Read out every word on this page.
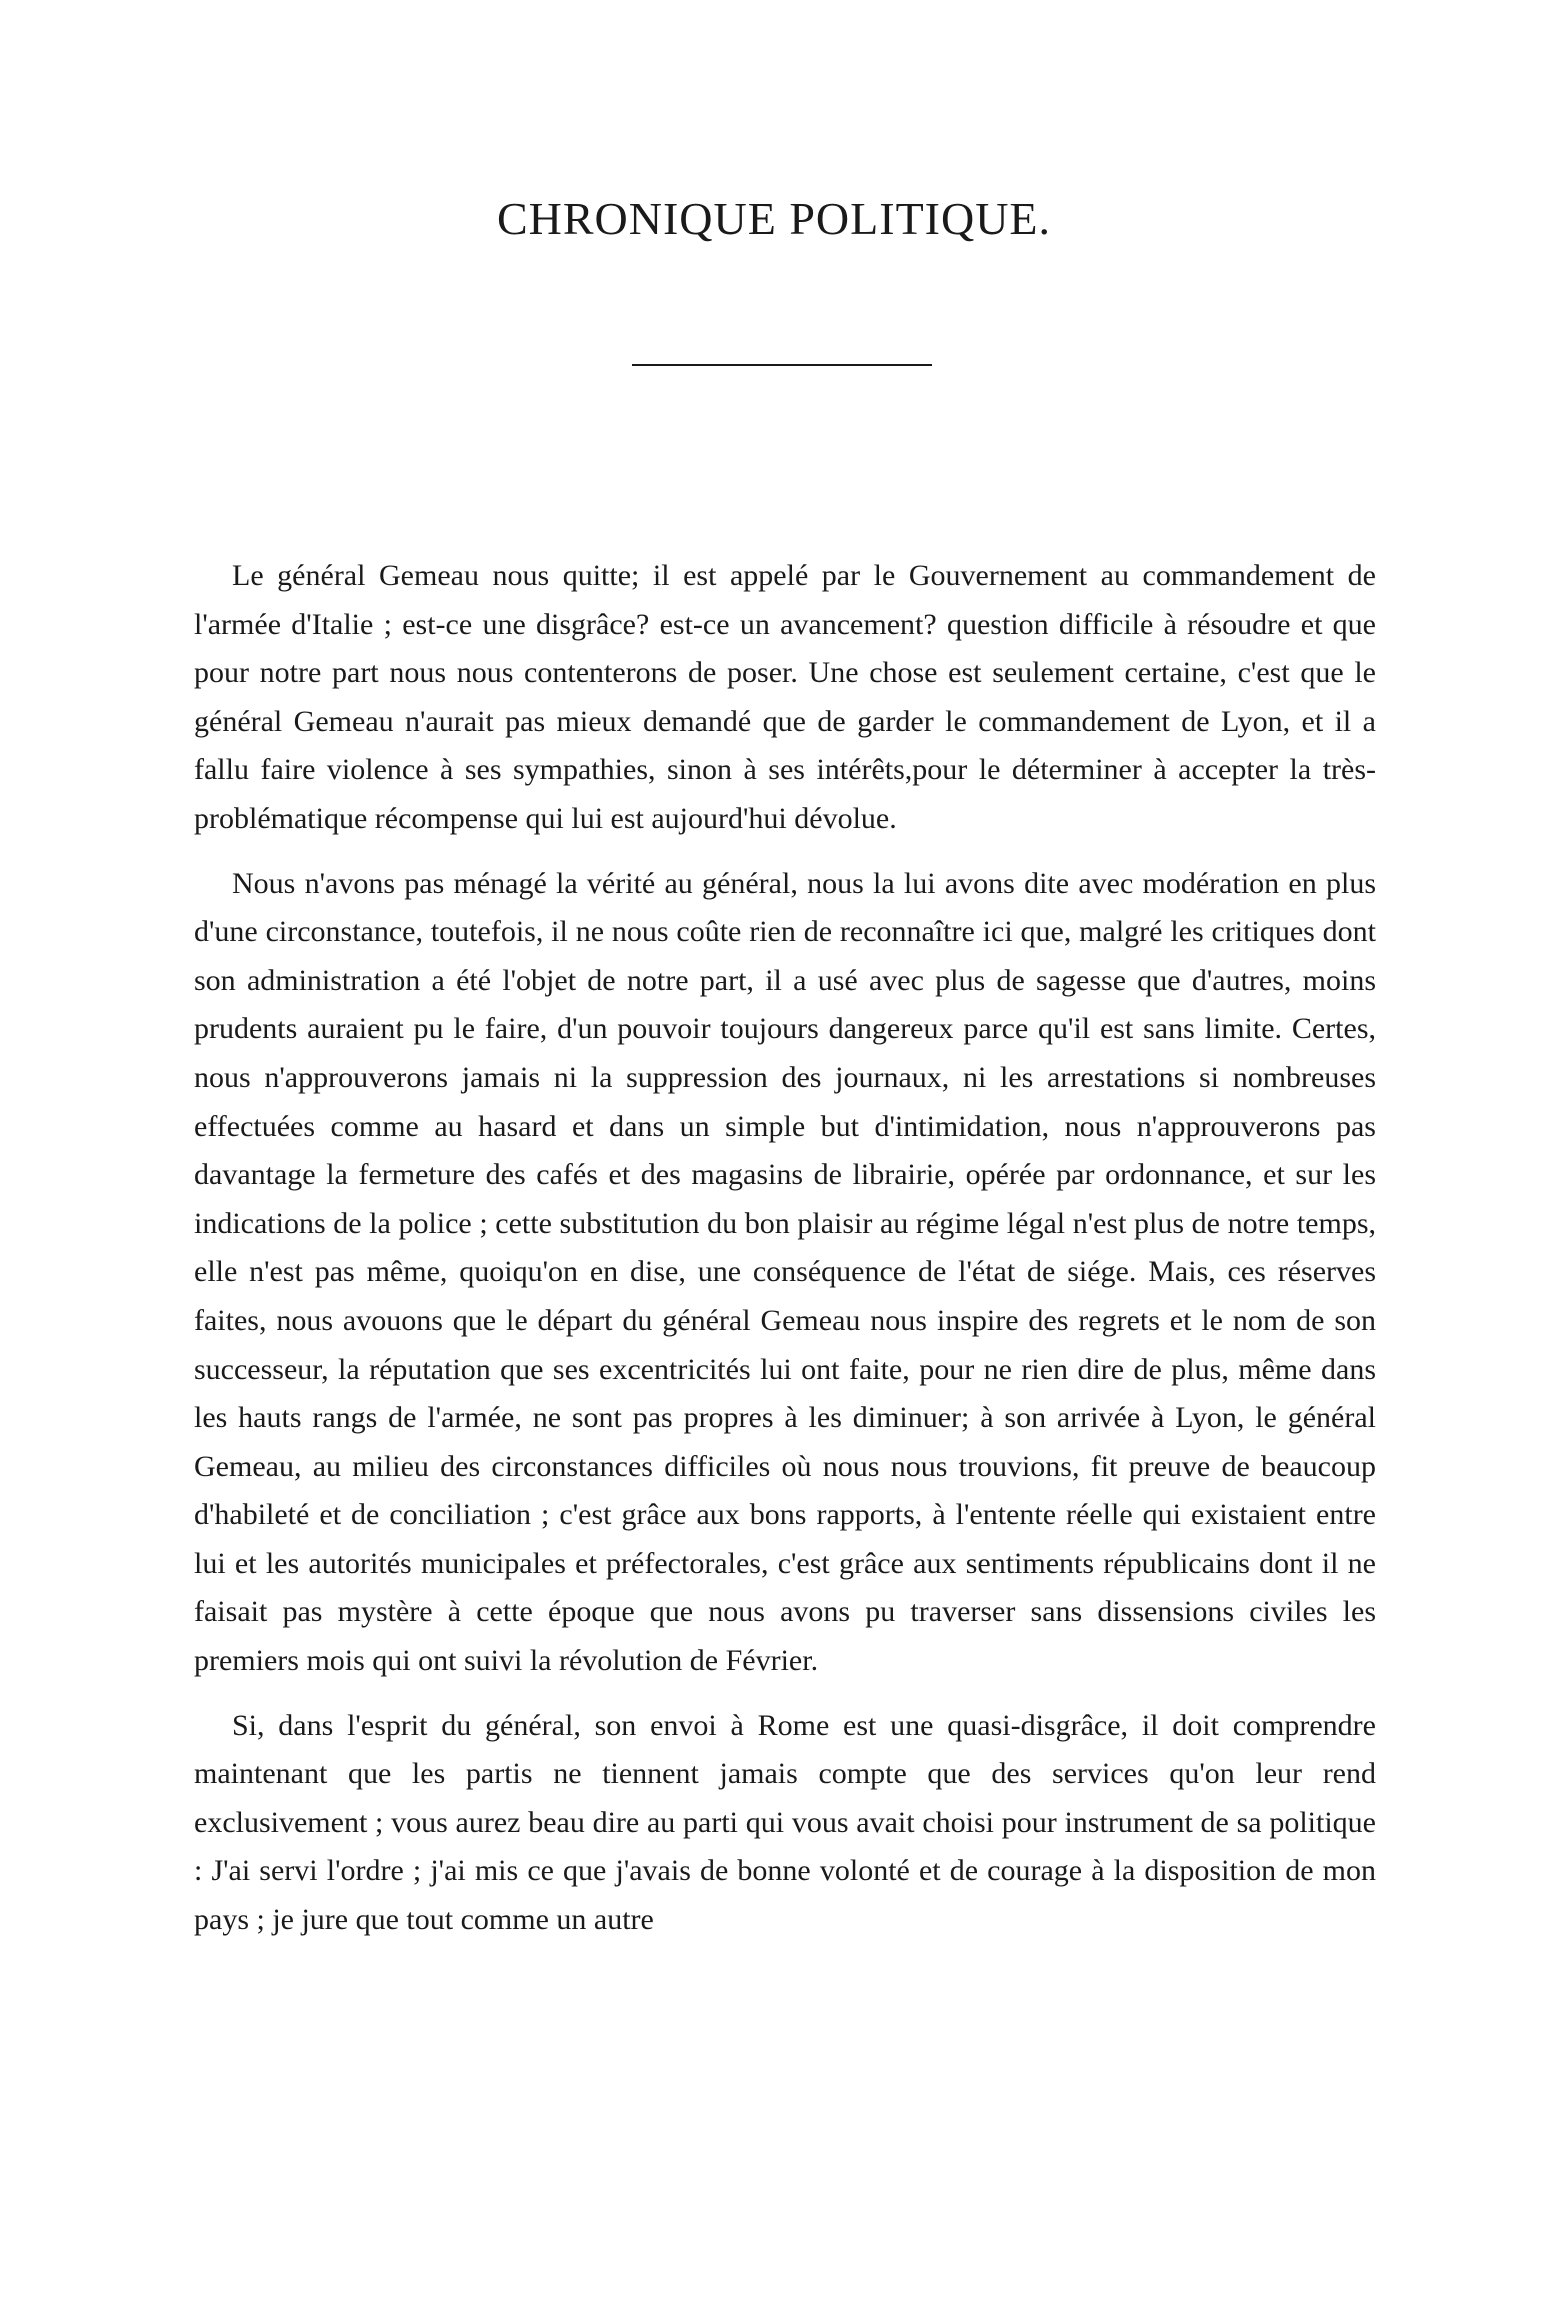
CHRONIQUE POLITIQUE.

Le général Gemeau nous quitte; il est appelé par le Gouvernement au commandement de l'armée d'Italie ; est-ce une disgrâce? est-ce un avancement? question difficile à résoudre et que pour notre part nous nous contenterons de poser. Une chose est seulement certaine, c'est que le général Gemeau n'aurait pas mieux demandé que de garder le commandement de Lyon, et il a fallu faire violence à ses sympathies, sinon à ses intérêts,pour le déterminer à accepter la très-problématique récompense qui lui est aujourd'hui dévolue.

Nous n'avons pas ménagé la vérité au général, nous la lui avons dite avec modération en plus d'une circonstance, toutefois, il ne nous coûte rien de reconnaître ici que, malgré les critiques dont son administration a été l'objet de notre part, il a usé avec plus de sagesse que d'autres, moins prudents auraient pu le faire, d'un pouvoir toujours dangereux parce qu'il est sans limite. Certes, nous n'approuverons jamais ni la suppression des journaux, ni les arrestations si nombreuses effectuées comme au hasard et dans un simple but d'intimidation, nous n'approuverons pas davantage la fermeture des cafés et des magasins de librairie, opérée par ordonnance, et sur les indications de la police ; cette substitution du bon plaisir au régime légal n'est plus de notre temps, elle n'est pas même, quoiqu'on en dise, une conséquence de l'état de siége. Mais, ces réserves faites, nous avouons que le départ du général Gemeau nous inspire des regrets et le nom de son successeur, la réputation que ses excentricités lui ont faite, pour ne rien dire de plus, même dans les hauts rangs de l'armée, ne sont pas propres à les diminuer; à son arrivée à Lyon, le général Gemeau, au milieu des circonstances difficiles où nous nous trouvions, fit preuve de beaucoup d'habileté et de conciliation ; c'est grâce aux bons rapports, à l'entente réelle qui existaient entre lui et les autorités municipales et préfectorales, c'est grâce aux sentiments républicains dont il ne faisait pas mystère à cette époque que nous avons pu traverser sans dissensions civiles les premiers mois qui ont suivi la révolution de Février.

Si, dans l'esprit du général, son envoi à Rome est une quasi-disgrâce, il doit comprendre maintenant que les partis ne tiennent jamais compte que des services qu'on leur rend exclusivement ; vous aurez beau dire au parti qui vous avait choisi pour instrument de sa politique : J'ai servi l'ordre ; j'ai mis ce que j'avais de bonne volonté et de courage à la disposition de mon pays ; je jure que tout comme un autre
